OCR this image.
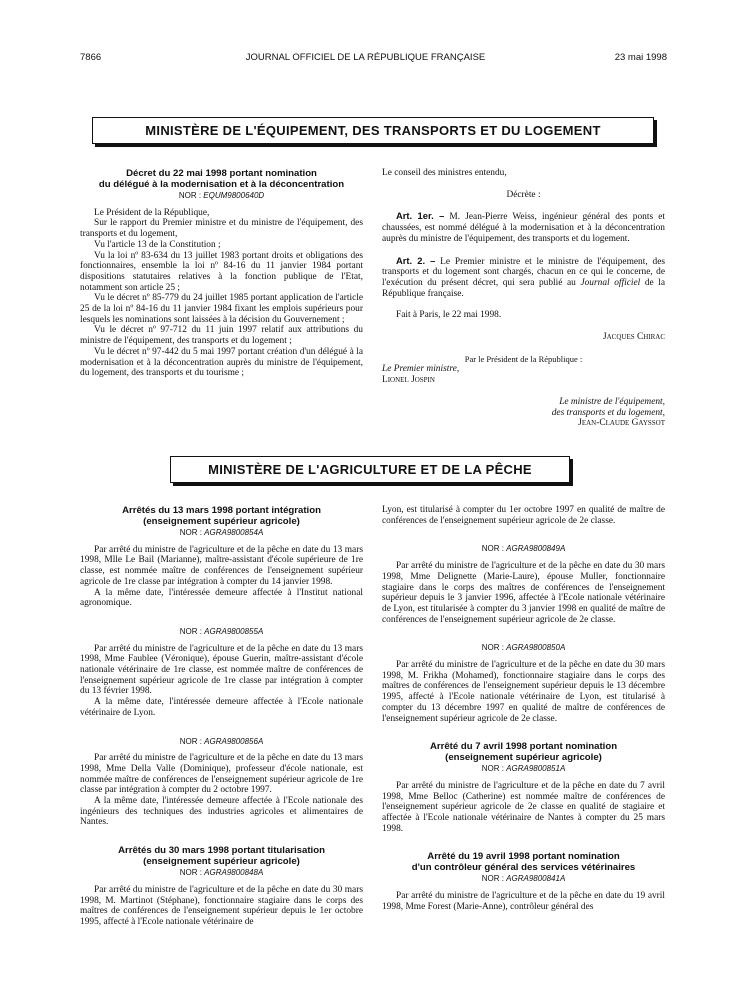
7866	JOURNAL OFFICIEL DE LA RÉPUBLIQUE FRANÇAISE	23 mai 1998
MINISTÈRE DE L'ÉQUIPEMENT, DES TRANSPORTS ET DU LOGEMENT

Décret du 22 mai 1998 portant nomination

du délégué à la modernisation et à la déconcentration

NOR : EQUM9800640D

Le Président de la République,

Sur le rapport du Premier ministre et du ministre de l'équipement, des transports et du logement,

Vu l'article 13 de la Constitution ;

Vu la loi nº 83-634 du 13 juillet 1983 portant droits et obligations des fonctionnaires, ensemble la loi nº 84-16 du 11 janvier 1984 portant dispositions statutaires relatives à la fonction publique de l'Etat, notamment son article 25 ;

Vu le décret nº 85-779 du 24 juillet 1985 portant application de l'article 25 de la loi nº 84-16 du 11 janvier 1984 fixant les emplois supérieurs pour lesquels les nominations sont laissées à la décision du Gouvernement ;

Vu le décret nº 97-712 du 11 juin 1997 relatif aux attributions du ministre de l'équipement, des transports et du logement ;

Vu le décret nº 97-442 du 5 mai 1997 portant création d'un délégué à la modernisation et à la déconcentration auprès du ministre de l'équipement, du logement, des transports et du tourisme ;

Le conseil des ministres entendu,

Décrète :

Art. 1er. – M. Jean-Pierre Weiss, ingénieur général des ponts et chaussées, est nommé délégué à la modernisation et à la déconcentration auprès du ministre de l'équipement, des transports et du logement.

Art. 2. – Le Premier ministre et le ministre de l'équipement, des transports et du logement sont chargés, chacun en ce qui le concerne, de l'exécution du présent décret, qui sera publié au Journal officiel de la République française.

Fait à Paris, le 22 mai 1998.

Jacques Chirac

Par le Président de la République :

Le Premier ministre,

Lionel Jospin

Le ministre de l'équipement,

des transports et du logement,

Jean-Claude Gayssot

MINISTÈRE DE L'AGRICULTURE ET DE LA PÊCHE

Arrêtés du 13 mars 1998 portant intégration

(enseignement supérieur agricole)

NOR : AGRA9800854A

Par arrêté du ministre de l'agriculture et de la pêche en date du 13 mars 1998, Mlle Le Bail (Marianne), maître-assistant d'école supérieure de 1re classe, est nommée maître de conférences de l'enseignement supérieur agricole de 1re classe par intégration à compter du 14 janvier 1998.

A la même date, l'intéressée demeure affectée à l'Institut national agronomique.

NOR : AGRA9800855A

Par arrêté du ministre de l'agriculture et de la pêche en date du 13 mars 1998, Mme Faublee (Véronique), épouse Guerin, maître-assistant d'école nationale vétérinaire de 1re classe, est nommée maître de conférences de l'enseignement supérieur agricole de 1re classe par intégration à compter du 13 février 1998.

A la même date, l'intéressée demeure affectée à l'Ecole nationale vétérinaire de Lyon.

NOR : AGRA9800856A

Par arrêté du ministre de l'agriculture et de la pêche en date du 13 mars 1998, Mme Della Valle (Dominique), professeur d'école nationale, est nommée maître de conférences de l'enseignement supérieur agricole de 1re classe par intégration à compter du 2 octobre 1997.

A la même date, l'intéressée demeure affectée à l'Ecole nationale des ingénieurs des techniques des industries agricoles et alimentaires de Nantes.

Arrêtés du 30 mars 1998 portant titularisation

(enseignement supérieur agricole)

NOR : AGRA9800848A

Par arrêté du ministre de l'agriculture et de la pêche en date du 30 mars 1998, M. Martinot (Stéphane), fonctionnaire stagiaire dans le corps des maîtres de conférences de l'enseignement supérieur depuis le 1er octobre 1995, affecté à l'Ecole nationale vétérinaire de

Lyon, est titularisé à compter du 1er octobre 1997 en qualité de maître de conférences de l'enseignement supérieur agricole de 2e classe.

NOR : AGRA9800849A

Par arrêté du ministre de l'agriculture et de la pêche en date du 30 mars 1998, Mme Delignette (Marie-Laure), épouse Muller, fonctionnaire stagiaire dans le corps des maîtres de conférences de l'enseignement supérieur depuis le 3 janvier 1996, affectée à l'Ecole nationale vétérinaire de Lyon, est titularisée à compter du 3 janvier 1998 en qualité de maître de conférences de l'enseignement supérieur agricole de 2e classe.

NOR : AGRA9800850A

Par arrêté du ministre de l'agriculture et de la pêche en date du 30 mars 1998, M. Frikha (Mohamed), fonctionnaire stagiaire dans le corps des maîtres de conférences de l'enseignement supérieur depuis le 13 décembre 1995, affecté à l'Ecole nationale vétérinaire de Lyon, est titularisé à compter du 13 décembre 1997 en qualité de maître de conférences de l'enseignement supérieur agricole de 2e classe.

Arrêté du 7 avril 1998 portant nomination

(enseignement supérieur agricole)

NOR : AGRA9800851A

Par arrêté du ministre de l'agriculture et de la pêche en date du 7 avril 1998, Mme Belloc (Catherine) est nommée maître de conférences de l'enseignement supérieur agricole de 2e classe en qualité de stagiaire et affectée à l'Ecole nationale vétérinaire de Nantes à compter du 25 mars 1998.

Arrêté du 19 avril 1998 portant nomination

d'un contrôleur général des services vétérinaires

NOR : AGRA9800841A

Par arrêté du ministre de l'agriculture et de la pêche en date du 19 avril 1998, Mme Forest (Marie-Anne), contrôleur général des
